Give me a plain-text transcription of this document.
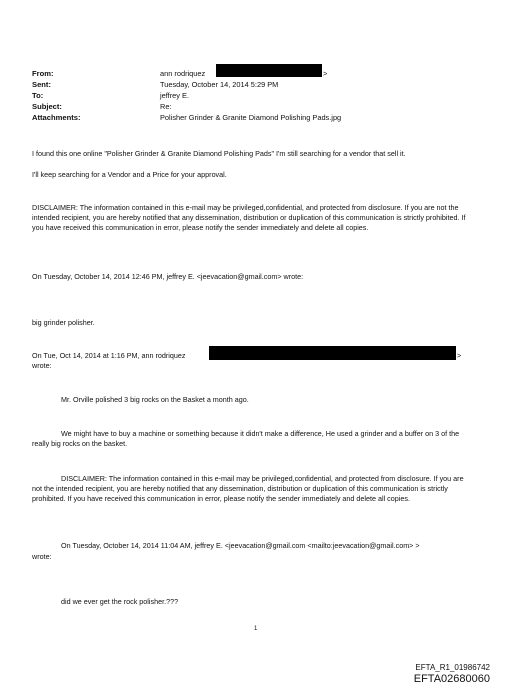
From:
Sent:
To:
Subject:
Attachments:
ann rodriquez	>
Tuesday, October 14, 2014 5:29 PM
jeffrey E.
Re:
Polisher Grinder & Granite Diamond Polishing Pads.jpg
I found this one online "Polisher Grinder & Granite Diamond Polishing Pads" I'm still searching for a vendor that sell it.
I'll keep searching for a Vendor and a Price for your approval.
DISCLAIMER: The information contained in this e-mail may be privileged,confidential, and protected from disclosure. If you are not the intended recipient, you are hereby notified that any dissemination, distribution or duplication of this communication is strictly prohibited. If you have received this communication in error, please notify the sender immediately and delete all copies.
On Tuesday, October 14, 2014 12:46 PM, jeffrey E. <jeevacation@gmail.com> wrote:
big grinder polisher.
On Tue, Oct 14, 2014 at 1:16 PM, ann rodriquez	>
wrote:
Mr. Orville polished 3 big rocks on the Basket a month ago.
We might have to buy a machine or something because it didn't make a difference, He used a grinder and a buffer on 3 of the really big rocks on the basket.
DISCLAIMER: The information contained in this e-mail may be privileged,confidential, and protected from disclosure. If you are not the intended recipient, you are hereby notified that any dissemination, distribution or duplication of this communication is strictly prohibited. If you have received this communication in error, please notify the sender immediately and delete all copies.
On Tuesday, October 14, 2014 11:04 AM, jeffrey E. <jeevacation@gmail.com <mailto:jeevacation@gmail.com> >
wrote:
did we ever get the rock polisher.???
1
EFTA_R1_01986742
EFTA02680060
